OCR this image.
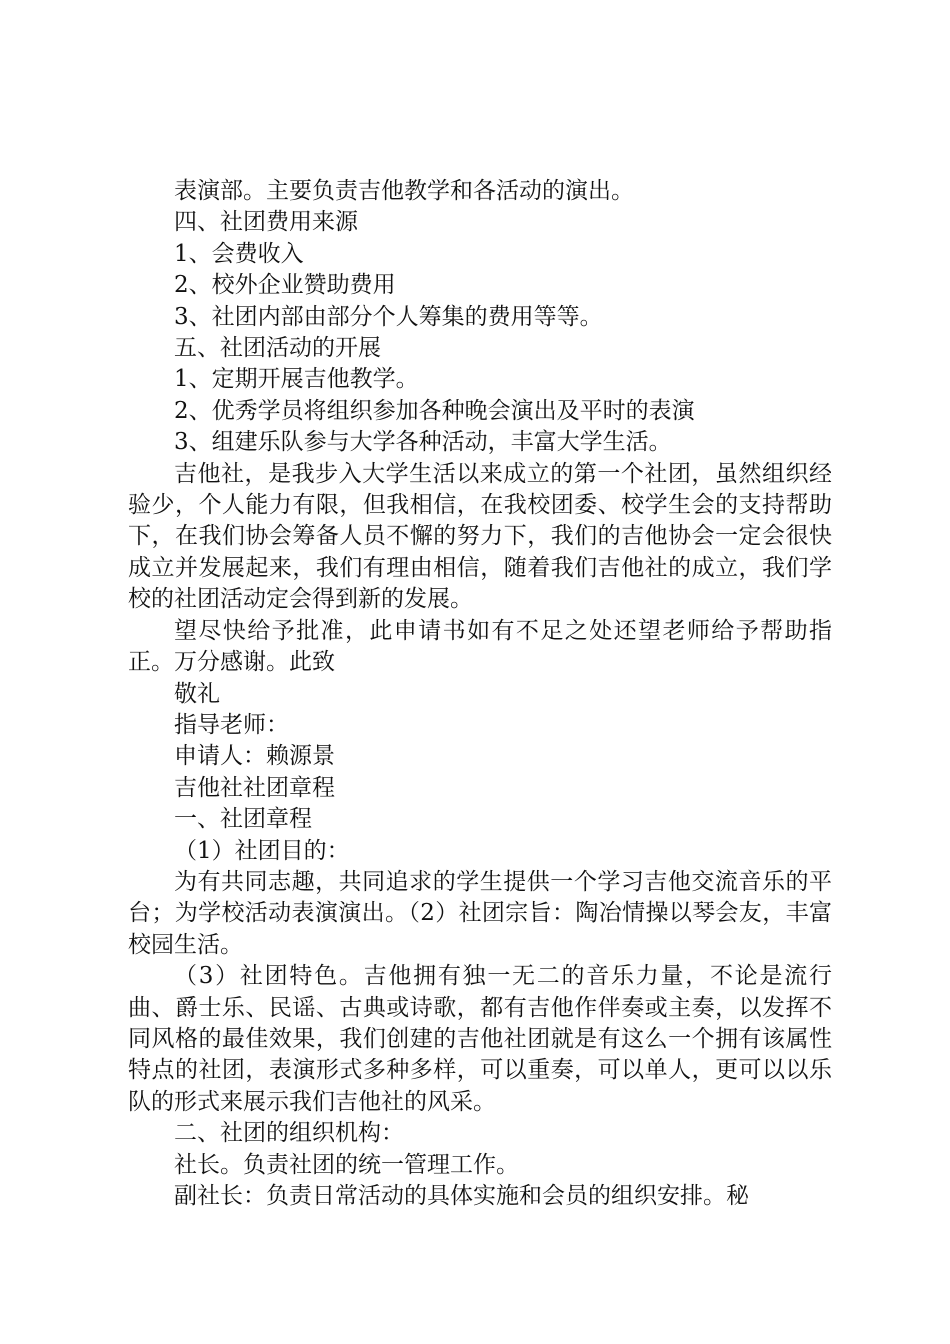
表演部。主要负责吉他教学和各活动的演出。

四、社团费用来源

1、会费收入

2、校外企业赞助费用

3、社团内部由部分个人筹集的费用等等。

五、社团活动的开展

1、定期开展吉他教学。

2、优秀学员将组织参加各种晚会演出及平时的表演

3、组建乐队参与大学各种活动，丰富大学生活。

吉他社，是我步入大学生活以来成立的第一个社团，虽然组织经验少，个人能力有限，但我相信，在我校团委、校学生会的支持帮助下，在我们协会筹备人员不懈的努力下，我们的吉他协会一定会很快成立并发展起来，我们有理由相信，随着我们吉他社的成立，我们学校的社团活动定会得到新的发展。

望尽快给予批准，此申请书如有不足之处还望老师给予帮助指正。万分感谢。此致

敬礼

指导老师：

申请人：赖源景

吉他社社团章程

一、社团章程

（1）社团目的：

为有共同志趣，共同追求的学生提供一个学习吉他交流音乐的平台；为学校活动表演演出。（2）社团宗旨：陶冶情操以琴会友，丰富校园生活。

（3）社团特色。吉他拥有独一无二的音乐力量，不论是流行曲、爵士乐、民谣、古典或诗歌，都有吉他作伴奏或主奏，以发挥不同风格的最佳效果，我们创建的吉他社团就是有这么一个拥有该属性特点的社团，表演形式多种多样，可以重奏，可以单人，更可以以乐队的形式来展示我们吉他社的风采。

二、社团的组织机构：

社长。负责社团的统一管理工作。

副社长：负责日常活动的具体实施和会员的组织安排。秘
